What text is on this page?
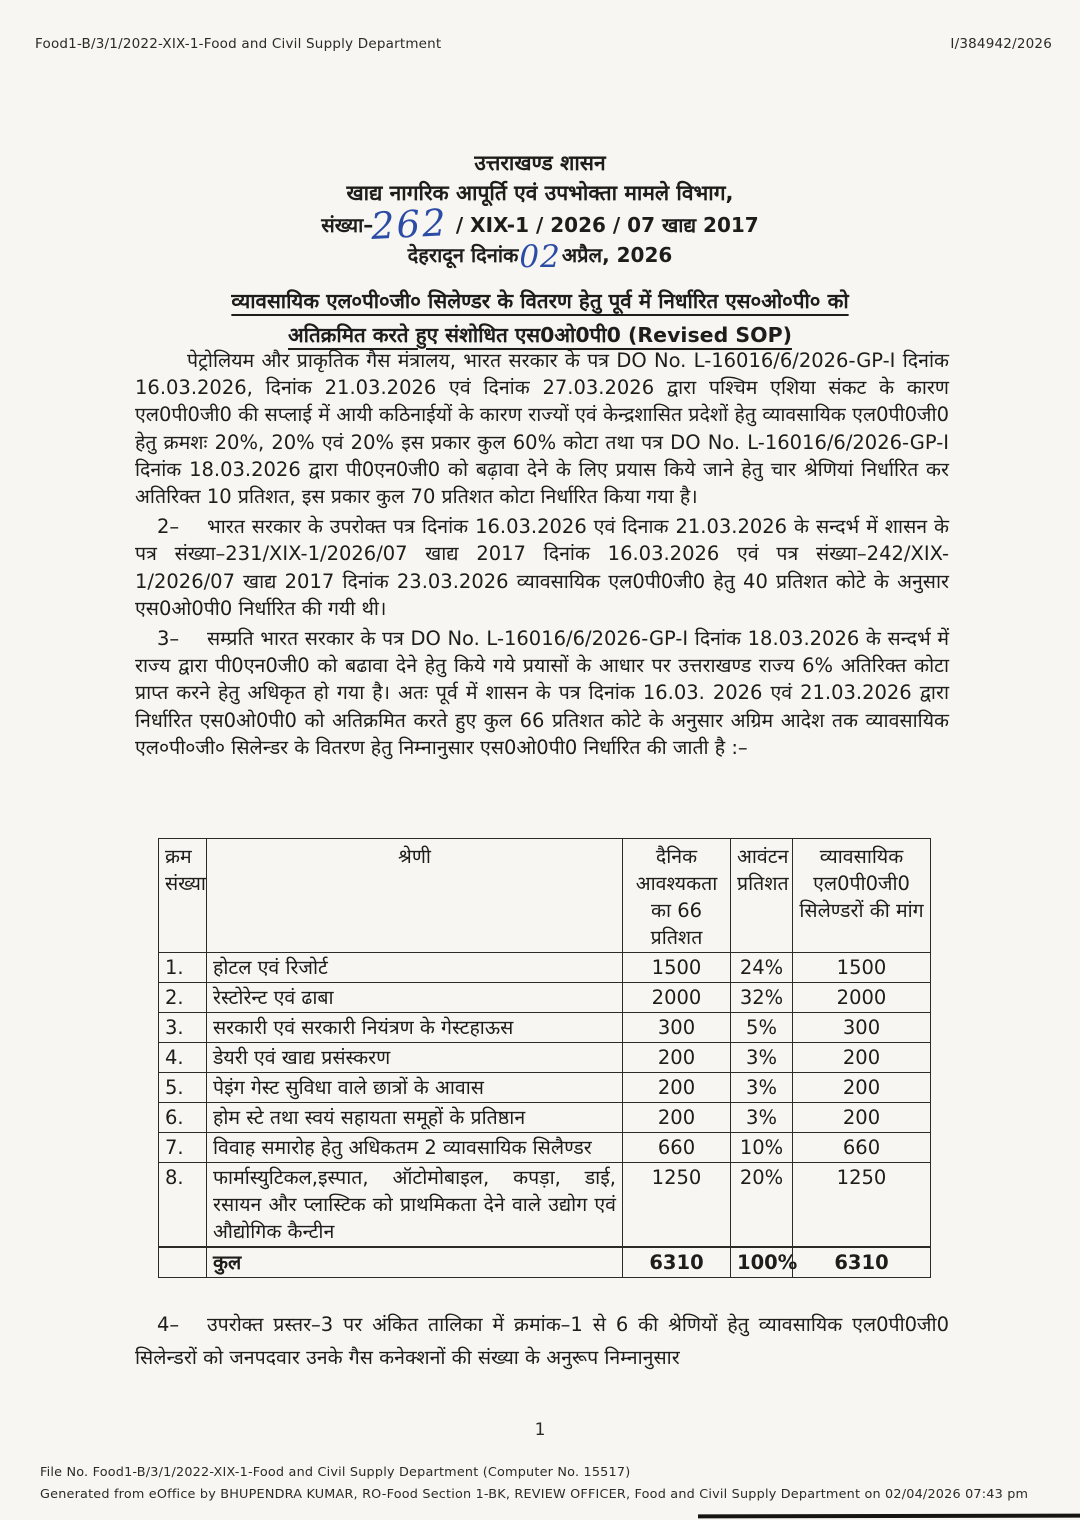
Food1-B/3/1/2022-XIX-1-Food and Civil Supply Department	I/384942/2026
उत्तराखण्ड शासन
खाद्य नागरिक आपूर्ति एवं उपभोक्ता मामले विभाग,
संख्या–262 / XIX-1 / 2026 / 07 खाद्य 2017
देहरादून दिनांक02अप्रैल, 2026
व्यावसायिक एल०पी०जी० सिलेण्डर के वितरण हेतु पूर्व में निर्धारित एस०ओ०पी० को
अतिक्रमित करते हुए संशोधित एस0ओ0पी0 (Revised SOP)

पेट्रोलियम और प्राकृतिक गैस मंत्रालय, भारत सरकार के पत्र DO No. L-16016/6/2026-GP-I दिनांक 16.03.2026, दिनांक 21.03.2026 एवं दिनांक 27.03.2026 द्वारा पश्चिम एशिया संकट के कारण एल0पी0जी0 की सप्लाई में आयी कठिनाईयों के कारण राज्यों एवं केन्द्रशासित प्रदेशों हेतु व्यावसायिक एल0पी0जी0 हेतु क्रमशः 20%, 20% एवं 20% इस प्रकार कुल 60% कोटा तथा पत्र DO No. L-16016/6/2026-GP-I दिनांक 18.03.2026 द्वारा पी0एन0जी0 को बढ़ावा देने के लिए प्रयास किये जाने हेतु चार श्रेणियां निर्धारित कर अतिरिक्त 10 प्रतिशत, इस प्रकार कुल 70 प्रतिशत कोटा निर्धारित किया गया है।

2– भारत सरकार के उपरोक्त पत्र दिनांक 16.03.2026 एवं दिनाक 21.03.2026 के सन्दर्भ में शासन के पत्र संख्या–231/XIX-1/2026/07 खाद्य 2017 दिनांक 16.03.2026 एवं पत्र संख्या–242/XIX-1/2026/07 खाद्य 2017 दिनांक 23.03.2026 व्यावसायिक एल0पी0जी0 हेतु 40 प्रतिशत कोटे के अनुसार एस0ओ0पी0 निर्धारित की गयी थी।

3– सम्प्रति भारत सरकार के पत्र DO No. L-16016/6/2026-GP-I दिनांक 18.03.2026 के सन्दर्भ में राज्य द्वारा पी0एन0जी0 को बढावा देने हेतु किये गये प्रयासों के आधार पर उत्तराखण्ड राज्य 6% अतिरिक्त कोटा प्राप्त करने हेतु अधिकृत हो गया है। अतः पूर्व में शासन के पत्र दिनांक 16.03. 2026 एवं 21.03.2026 द्वारा निर्धारित एस0ओ0पी0 को अतिक्रमित करते हुए कुल 66 प्रतिशत कोटे के अनुसार अग्रिम आदेश तक व्यावसायिक एल०पी०जी० सिलेन्डर के वितरण हेतु निम्नानुसार एस0ओ0पी0 निर्धारित की जाती है :–

क्रम संख्या	श्रेणी	दैनिक आवश्यकता का 66 प्रतिशत	आवंटन प्रतिशत	व्यावसायिक एल0पी0जी0 सिलेण्डरों की मांग
1.	होटल एवं रिजोर्ट	1500	24%	1500
2.	रेस्टोरेन्ट एवं ढाबा	2000	32%	2000
3.	सरकारी एवं सरकारी नियंत्रण के गेस्टहाऊस	300	5%	300
4.	डेयरी एवं खाद्य प्रसंस्करण	200	3%	200
5.	पेइंग गेस्ट सुविधा वाले छात्रों के आवास	200	3%	200
6.	होम स्टे तथा स्वयं सहायता समूहों के प्रतिष्ठान	200	3%	200
7.	विवाह समारोह हेतु अधिकतम 2 व्यावसायिक सिलैण्डर	660	10%	660
8.	फार्मास्युटिकल,इस्पात, ऑटोमोबाइल, कपड़ा, डाई, रसायन और प्लास्टिक को प्राथमिकता देने वाले उद्योग एवं औद्योगिक कैन्टीन	1250	20%	1250
	कुल	6310	100%	6310
4– उपरोक्त प्रस्तर–3 पर अंकित तालिका में क्रमांक–1 से 6 की श्रेणियों हेतु व्यावसायिक एल0पी0जी0 सिलेन्डरों को जनपदवार उनके गैस कनेक्शनों की संख्या के अनुरूप निम्नानुसार
1
File No. Food1-B/3/1/2022-XIX-1-Food and Civil Supply Department (Computer No. 15517)
Generated from eOffice by BHUPENDRA KUMAR, RO-Food Section 1-BK, REVIEW OFFICER, Food and Civil Supply Department on 02/04/2026 07:43 pm
